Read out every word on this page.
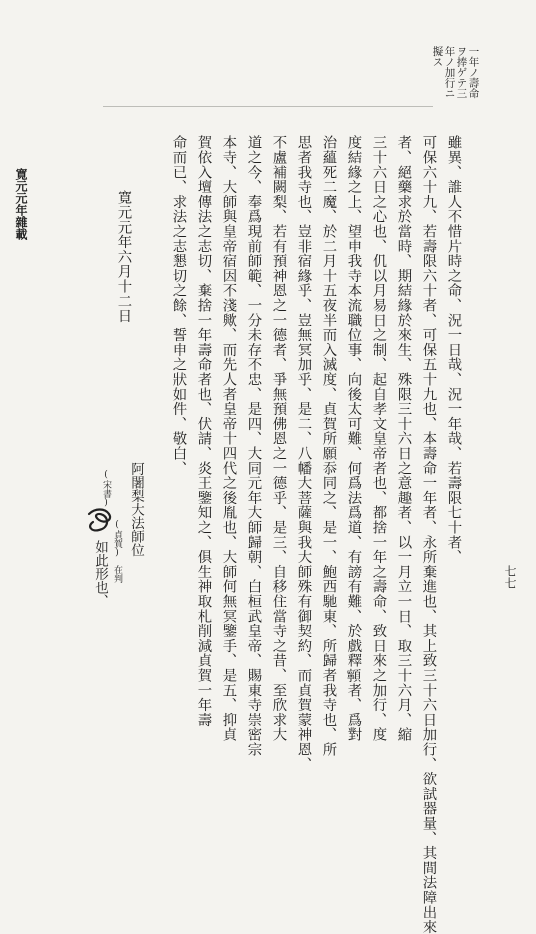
寛元元年雜載
七七
一年ノ壽命
ヲ捧ゲテ三
年ノ加行ニ
擬ス
雖異、誰人不惜片時之命、況一日哉、況一年哉、若壽限七十者、
可保六十九、若壽限六十者、可保五十九也、本壽命一年者、永所棄進也、其上致三十六日加行、欲試器量、其間法障出來
者、絕藥求於當時、期結緣於來生、殊限三十六日之意趣者、以一月立一日、取三十六月、縮
三十六日之心也、仉以月易日之制、起自孝文皇帝者也、都捨一年之壽命、致日來之加行、度
度結緣之上、望申我寺本流職位事、向後太可難、何爲法爲道、有謗有難、於戲釋𩕳者、爲對
治蘊死二魔、於二月十五夜半而入滅度、貞賀所願忝同之、是一、鮑西馳東、所歸者我寺也、所
思者我寺也、豈非宿緣乎、豈無冥加乎、是二、八幡大菩薩與我大師殊有御契約、而貞賀蒙神恩、
不盧補闕梨、若有預神恩之一德者、爭無預佛恩之一德乎、是三、自移住當寺之昔、至欣求大
道之今、奉爲現前師範、一分未存不忠、是四、大同元年大師歸朝、白桓武皇帝、賜東寺崇密宗
本寺、大師與皇帝宿因不淺歟、而先人者皇帝十四代之後胤也、大師何無冥鑒手、是五、抑貞
賀依入壇傳法之志切、棄捨一年壽命者也、伏請、炎王鑒知之、俱生神取札削減貞賀一年壽
命而已、求法之志懇切之餘、誓申之狀如件、敬白、
寛元元年六月十二日
阿闍梨大法師位
(貞賀)
在判
(宋書)
如此形也、
